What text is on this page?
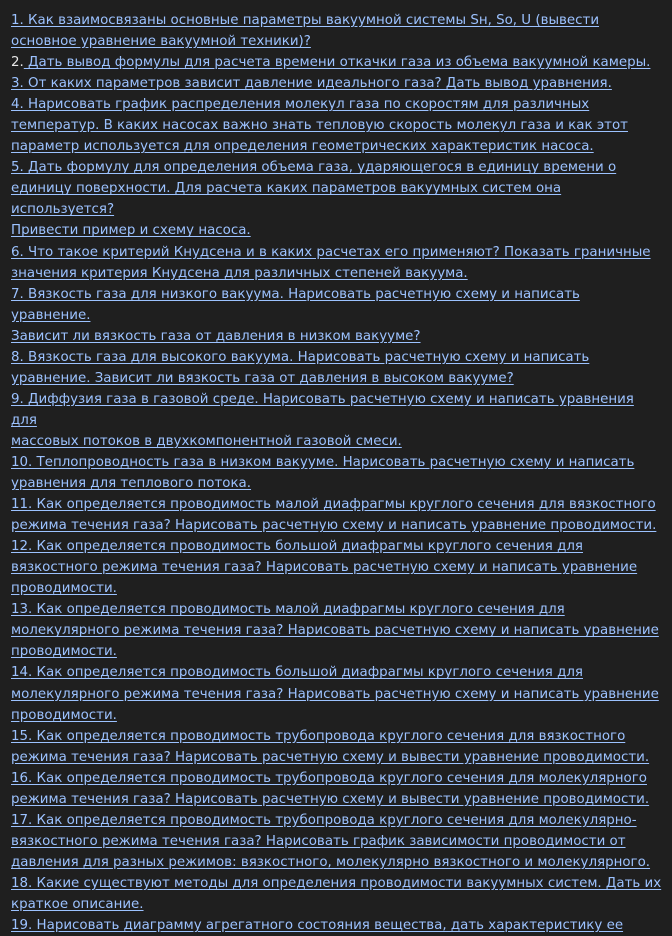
1. Как взаимосвязаны основные параметры вакуумной системы Sн, So, U (вывести
основное уравнение вакуумной техники)?
2. Дать вывод формулы для расчета времени откачки газа из объема вакуумной камеры.
3. От каких параметров зависит давление идеального газа? Дать вывод уравнения.
4. Нарисовать график распределения молекул газа по скоростям для различных
температур. В каких насосах важно знать тепловую скорость молекул газа и как этот
параметр используется для определения геометрических характеристик насоса.
5. Дать формулу для определения объема газа, ударяющегося в единицу времени о
единицу поверхности. Для расчета каких параметров вакуумных систем она используется?
Привести пример и схему насоса.
6. Что такое критерий Кнудсена и в каких расчетах его применяют? Показать граничные
значения критерия Кнудсена для различных степеней вакуума.
7. Вязкость газа для низкого вакуума. Нарисовать расчетную схему и написать уравнение.
Зависит ли вязкость газа от давления в низком вакууме?
8. Вязкость газа для высокого вакуума. Нарисовать расчетную схему и написать
уравнение. Зависит ли вязкость газа от давления в высоком вакууме?
9. Диффузия газа в газовой среде. Нарисовать расчетную схему и написать уравнения для
массовых потоков в двухкомпонентной газовой смеси.
10. Теплопроводность газа в низком вакууме. Нарисовать расчетную схему и написать
уравнения для теплового потока.
11. Как определяется проводимость малой диафрагмы круглого сечения для вязкостного
режима течения газа? Нарисовать расчетную схему и написать уравнение проводимости.
12. Как определяется проводимость большой диафрагмы круглого сечения для
вязкостного режима течения газа? Нарисовать расчетную схему и написать уравнение
проводимости.
13. Как определяется проводимость малой диафрагмы круглого сечения для
молекулярного режима течения газа? Нарисовать расчетную схему и написать уравнение
проводимости.
14. Как определяется проводимость большой диафрагмы круглого сечения для
молекулярного режима течения газа? Нарисовать расчетную схему и написать уравнение
проводимости.
15. Как определяется проводимость трубопровода круглого сечения для вязкостного
режима течения газа? Нарисовать расчетную схему и вывести уравнение проводимости.
16. Как определяется проводимость трубопровода круглого сечения для молекулярного
режима течения газа? Нарисовать расчетную схему и вывести уравнение проводимости.
17. Как определяется проводимость трубопровода круглого сечения для молекулярно-
вязкостного режима течения газа? Нарисовать график зависимости проводимости от
давления для разных режимов: вязкостного, молекулярно вязкостного и молекулярного.
18. Какие существуют методы для определения проводимости вакуумных систем. Дать их
краткое описание.
19. Нарисовать диаграмму агрегатного состояния вещества, дать характеристику ее
